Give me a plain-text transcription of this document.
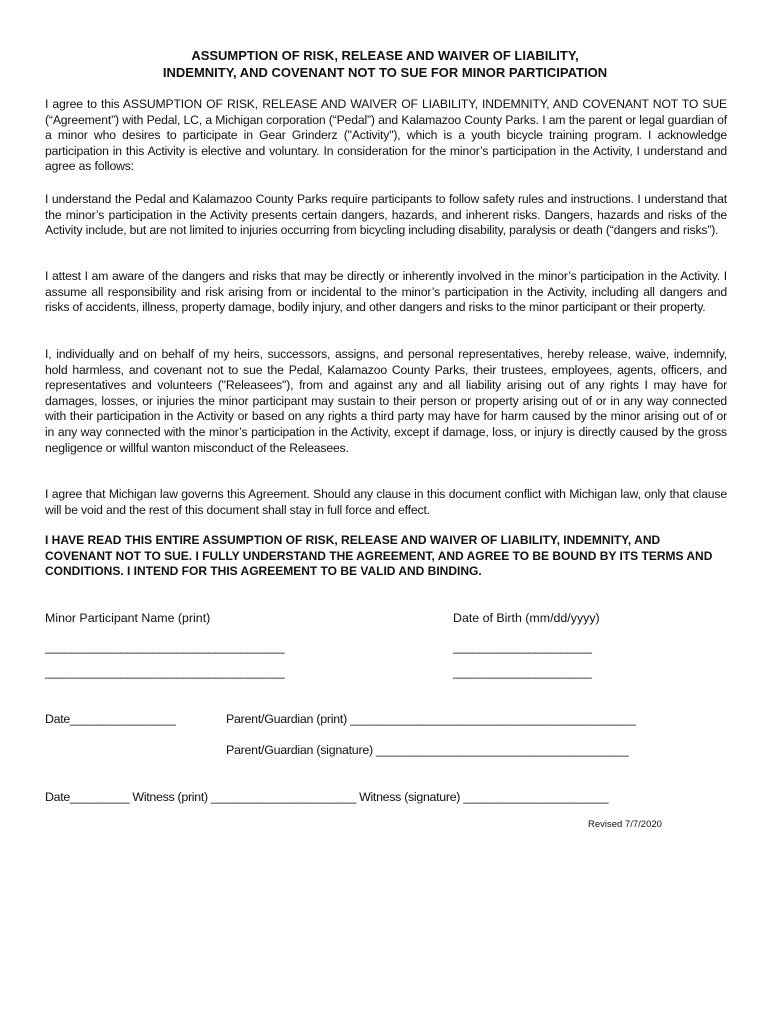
ASSUMPTION OF RISK, RELEASE AND WAIVER OF LIABILITY,
INDEMNITY, AND COVENANT NOT TO SUE FOR MINOR PARTICIPATION

I agree to this ASSUMPTION OF RISK, RELEASE AND WAIVER OF LIABILITY, INDEMNITY, AND COVENANT NOT TO SUE (“Agreement”) with Pedal, LC, a Michigan corporation (“Pedal”) and Kalamazoo County Parks. I am the parent or legal guardian of a minor who desires to participate in Gear Grinderz ("Activity"), which is a youth bicycle training program. I acknowledge participation in this Activity is elective and voluntary. In consideration for the minor’s participation in the Activity, I understand and agree as follows:

I understand the Pedal and Kalamazoo County Parks require participants to follow safety rules and instructions. I understand that the minor’s participation in the Activity presents certain dangers, hazards, and inherent risks. Dangers, hazards and risks of the Activity include, but are not limited to injuries occurring from bicycling including disability, paralysis or death (“dangers and risks”).

I attest I am aware of the dangers and risks that may be directly or inherently involved in the minor’s participation in the Activity. I assume all responsibility and risk arising from or incidental to the minor’s participation in the Activity, including all dangers and risks of accidents, illness, property damage, bodily injury, and other dangers and risks to the minor participant or their property.

I, individually and on behalf of my heirs, successors, assigns, and personal representatives, hereby release, waive, indemnify, hold harmless, and covenant not to sue the Pedal, Kalamazoo County Parks, their trustees, employees, agents, officers, and representatives and volunteers ("Releasees"), from and against any and all liability arising out of any rights I may have for damages, losses, or injuries the minor participant may sustain to their person or property arising out of or in any way connected with their participation in the Activity or based on any rights a third party may have for harm caused by the minor arising out of or in any way connected with the minor’s participation in the Activity, except if damage, loss, or injury is directly caused by the gross negligence or willful wanton misconduct of the Releasees.

I agree that Michigan law governs this Agreement. Should any clause in this document conflict with Michigan law, only that clause will be void and the rest of this document shall stay in full force and effect.

I HAVE READ THIS ENTIRE ASSUMPTION OF RISK, RELEASE AND WAIVER OF LIABILITY, INDEMNITY, AND COVENANT NOT TO SUE. I FULLY UNDERSTAND THE AGREEMENT, AND AGREE TO BE BOUND BY ITS TERMS AND CONDITIONS. I INTEND FOR THIS AGREEMENT TO BE VALID AND BINDING.

Minor Participant Name (print)	Date of Birth (mm/dd/yyyy)
______________________________________
______________________________________
______________________
______________________
Date________________	Parent/Guardian (print) ___________________________________________
Parent/Guardian (signature) ______________________________________
Date_________ Witness (print) ______________________ Witness (signature) ______________________
Revised 7/7/2020
